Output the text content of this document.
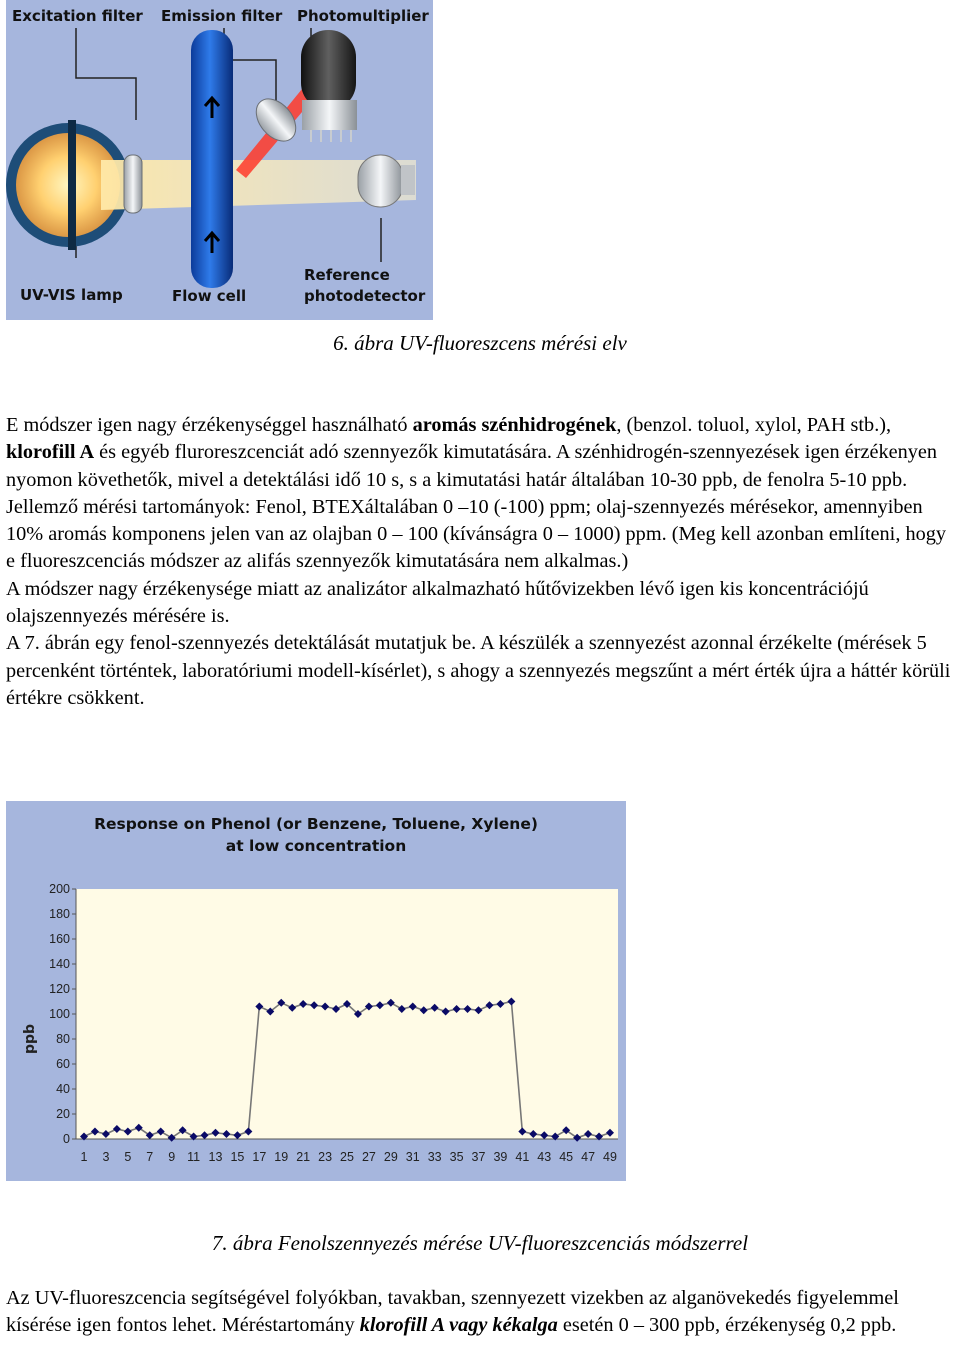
Excitation filter Emission filter Photomultiplier
UV-VIS lamp	Flow cell
Reference
photodetector
6. ábra UV-fluoreszcens mérési elv

E módszer igen nagy érzékenységgel használható aromás szénhidrogének, (benzol. toluol, xylol, PAH stb.), klorofill A és egyéb fluroreszcenciát adó szennyezők kimutatására. A szénhidrogén-szennyezések igen érzékenyen nyomon követhetők, mivel a detektálási idő 10 s, s a kimutatási határ általában 10-30 ppb, de fenolra 5-10 ppb.

Jellemző mérési tartományok: Fenol, BTEXáltalában 0 –10 (-100) ppm; olaj-szennyezés mérésekor, amennyiben 10% aromás komponens jelen van az olajban 0 – 100 (kívánságra 0 – 1000) ppm. (Meg kell azonban említeni, hogy e fluoreszcenciás módszer az alifás szennyezők kimutatására nem alkalmas.)

A módszer nagy érzékenysége miatt az analizátor alkalmazható hűtővizekben lévő igen kis koncentrációjú olajszennyezés mérésére is.

A 7. ábrán egy fenol-szennyezés detektálását mutatjuk be. A készülék a szennyezést azonnal érzékelte (mérések 5 percenként történtek, laboratóriumi modell-kísérlet), s ahogy a szennyezés megszűnt a mért érték újra a háttér körüli értékre csökkent.

Response on Phenol (or Benzene, Toluene, Xylene)
at low concentration
0
20
40
60
80
100
120
140
160
180
200
1 3 5 7 9 11 13 15 17 19 21 23 25 27 29 31 33 35 37 39 41 43 45 47 49
ppb
7. ábra Fenolszennyezés mérése UV-fluoreszcenciás módszerrel

Az UV-fluoreszcencia segítségével folyókban, tavakban, szennyezett vizekben az alganövekedés figyelemmel kísérése igen fontos lehet. Méréstartomány klorofill A vagy kékalga esetén 0 – 300 ppb, érzékenység 0,2 ppb.
